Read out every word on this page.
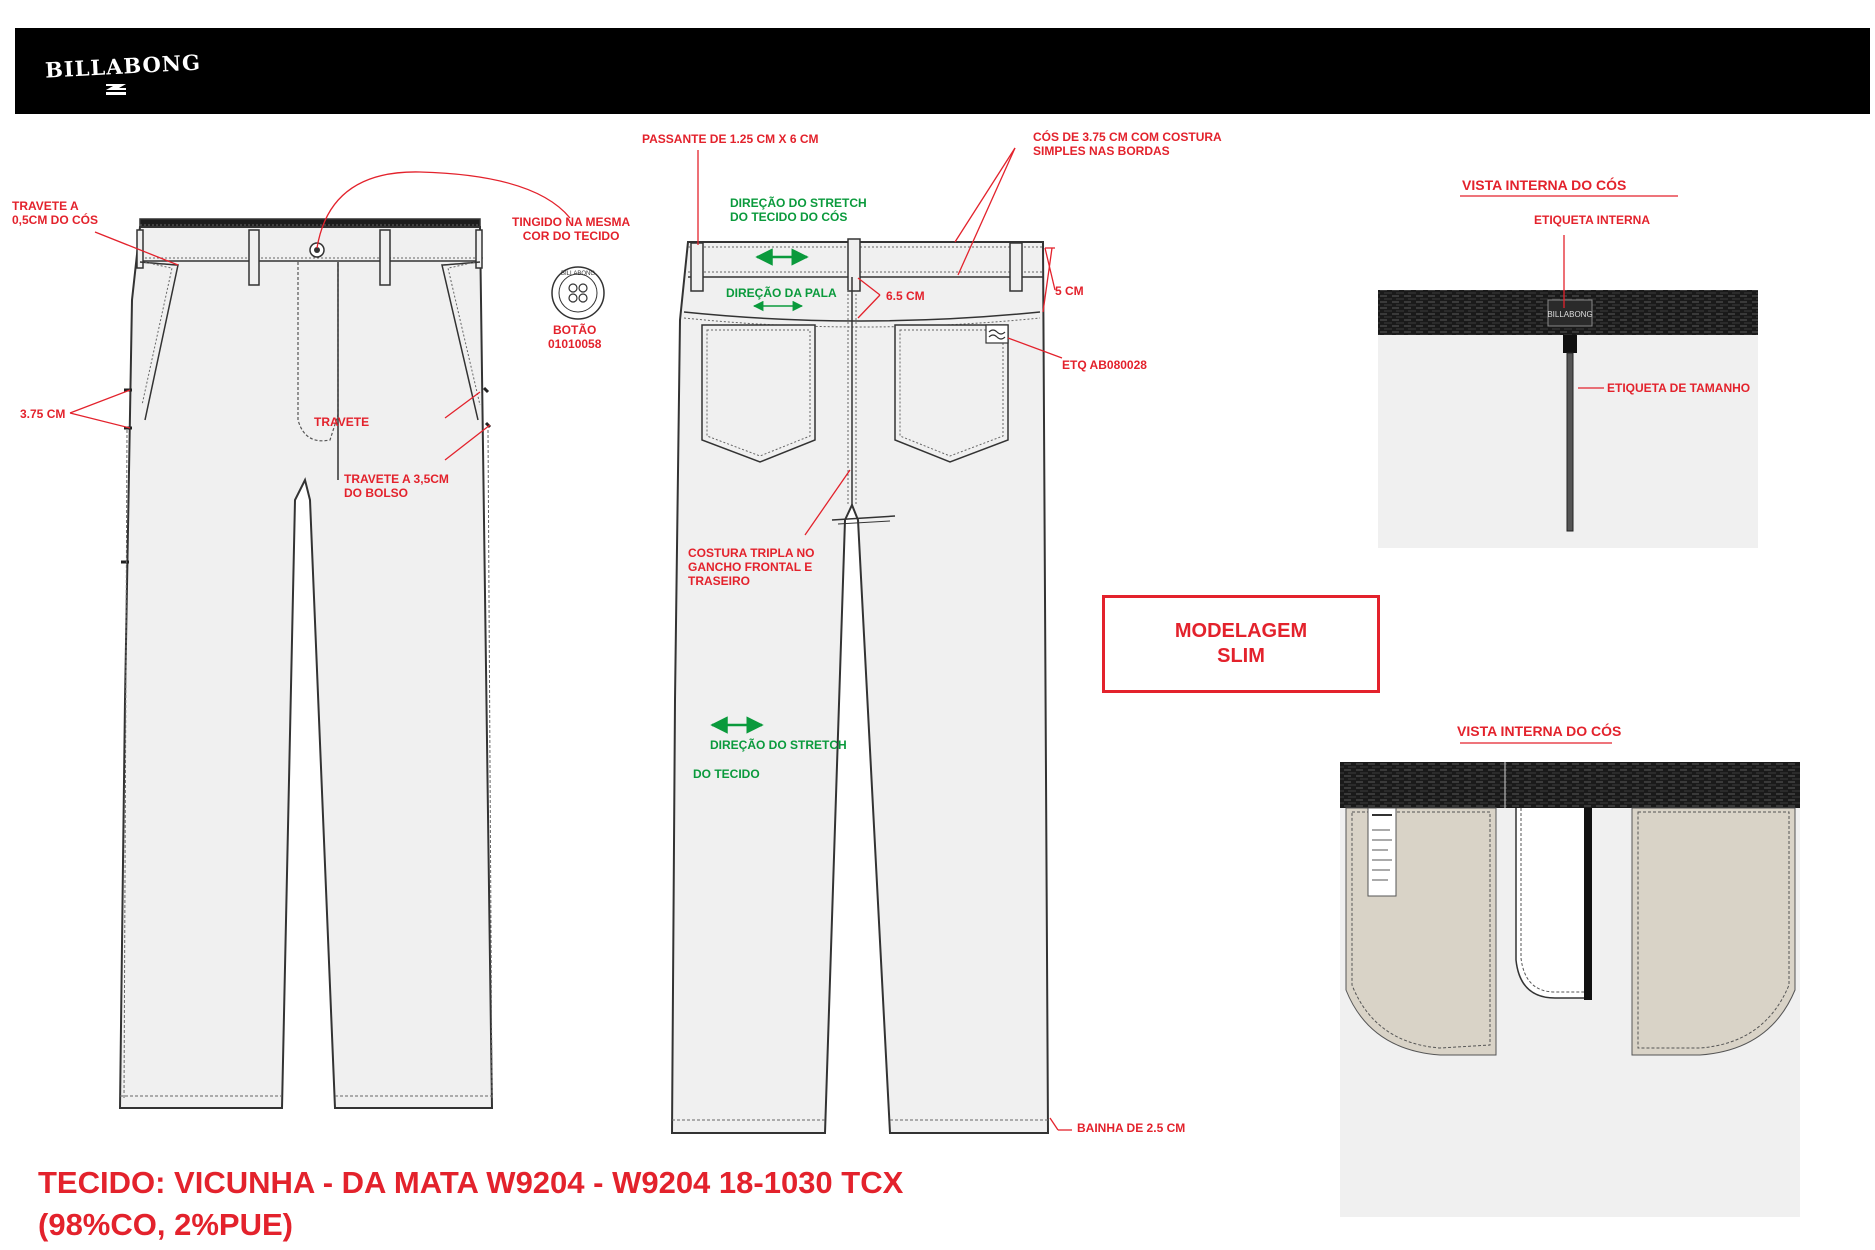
BILLABONG
BILLABONG
BILLABONG
TRAVETE A
0,5CM DO CÓS
3.75 CM
TRAVETE
TRAVETE A 3,5CM
DO BOLSO
TINGIDO NA MESMA
COR DO TECIDO
BOTÃO
01010058
PASSANTE DE 1.25 CM X 6 CM	CÓS DE 3.75 CM COM COSTURA
SIMPLES NAS BORDAS
DIREÇÃO DO STRETCH
DO TECIDO DO CÓS
DIREÇÃO DA PALA	6.5 CM	5 CM
ETQ AB080028
COSTURA TRIPLA NO
GANCHO FRONTAL E
TRASEIRO
DIREÇÃO DO STRETCH
DO TECIDO
BAINHA DE 2.5 CM
MODELAGEM
SLIM
VISTA INTERNA DO CÓS
ETIQUETA INTERNA
ETIQUETA DE TAMANHO
VISTA INTERNA DO CÓS
TECIDO: VICUNHA - DA MATA W9204 - W9204 18-1030 TCX
(98%CO, 2%PUE)
